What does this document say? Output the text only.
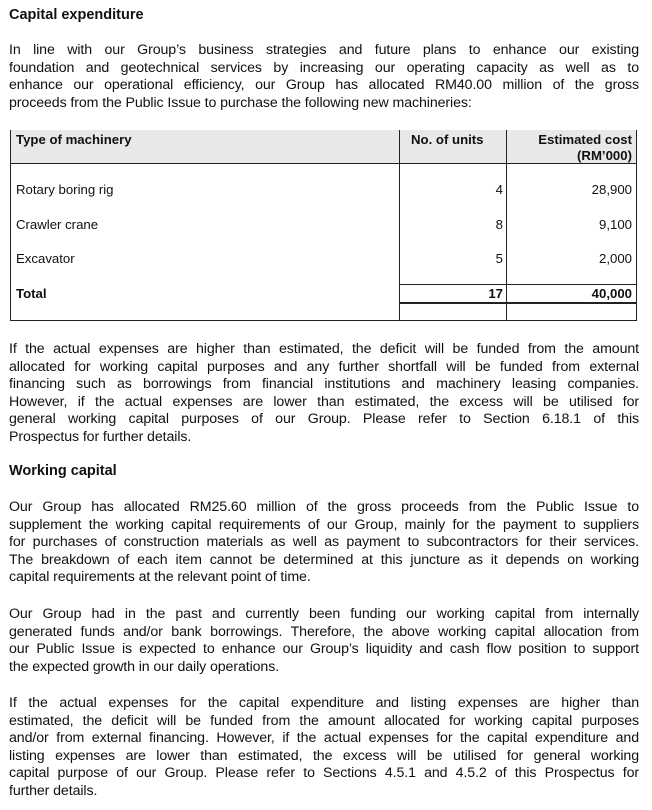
Capital expenditure
In line with our Group’s business strategies and future plans to enhance our existing
foundation and geotechnical services by increasing our operating capacity as well as to
enhance our operational efficiency, our Group has allocated RM40.00 million of the gross
proceeds from the Public Issue to purchase the following new machineries:
Type of machinery	No. of units	Estimated cost
(RM’000)
Rotary boring rig	4	28,900
Crawler crane	8	9,100
Excavator	5	2,000
Total	17	40,000
If the actual expenses are higher than estimated, the deficit will be funded from the amount
allocated for working capital purposes and any further shortfall will be funded from external
financing such as borrowings from financial institutions and machinery leasing companies.
However, if the actual expenses are lower than estimated, the excess will be utilised for
general working capital purposes of our Group. Please refer to Section 6.18.1 of this
Prospectus for further details.
Working capital
Our Group has allocated RM25.60 million of the gross proceeds from the Public Issue to
supplement the working capital requirements of our Group, mainly for the payment to suppliers
for purchases of construction materials as well as payment to subcontractors for their services.
The breakdown of each item cannot be determined at this juncture as it depends on working
capital requirements at the relevant point of time.
Our Group had in the past and currently been funding our working capital from internally
generated funds and/or bank borrowings. Therefore, the above working capital allocation from
our Public Issue is expected to enhance our Group’s liquidity and cash flow position to support
the expected growth in our daily operations.
If the actual expenses for the capital expenditure and listing expenses are higher than
estimated, the deficit will be funded from the amount allocated for working capital purposes
and/or from external financing. However, if the actual expenses for the capital expenditure and
listing expenses are lower than estimated, the excess will be utilised for general working
capital purpose of our Group. Please refer to Sections 4.5.1 and 4.5.2 of this Prospectus for
further details.
